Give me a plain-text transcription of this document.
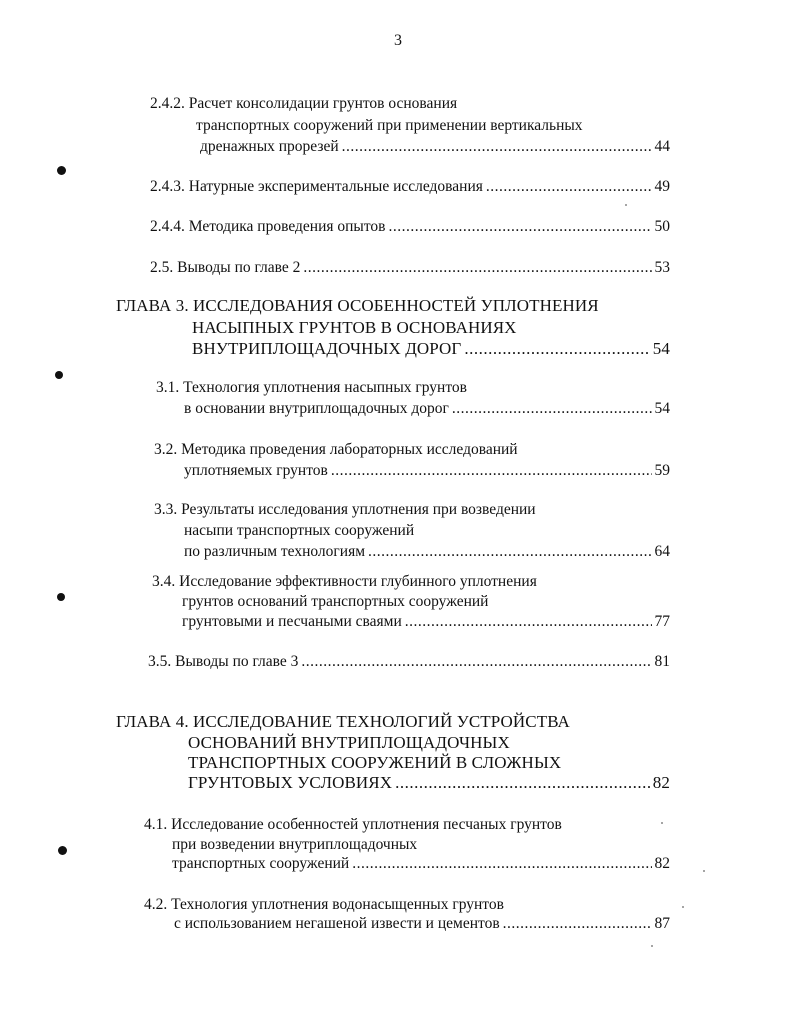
3
2.4.2. Расчет консолидации грунтов основания
транспортных сооружений при применении вертикальных
дренажных прорезей .....	44
2.4.3. Натурные экспериментальные исследования .....	49
2.4.4. Методика проведения опытов .....	50
2.5. Выводы по главе 2 .....	53
ГЛАВА 3. ИССЛЕДОВАНИЯ ОСОБЕННОСТЕЙ УПЛОТНЕНИЯ
НАСЫПНЫХ ГРУНТОВ В ОСНОВАНИЯХ
ВНУТРИПЛОЩАДОЧНЫХ ДОРОГ .....	54
3.1. Технология уплотнения насыпных грунтов
в основании внутриплощадочных дорог .....	54
3.2. Методика проведения лабораторных исследований
уплотняемых грунтов .....	59
3.3. Результаты исследования уплотнения при возведении
насыпи транспортных сооружений
по различным технологиям .....	64
3.4. Исследование эффективности глубинного уплотнения
грунтов оснований транспортных сооружений
грунтовыми и песчаными сваями .....	77
3.5. Выводы по главе 3 .....	81
ГЛАВА 4. ИССЛЕДОВАНИЕ ТЕХНОЛОГИЙ УСТРОЙСТВА
ОСНОВАНИЙ ВНУТРИПЛОЩАДОЧНЫХ
ТРАНСПОРТНЫХ СООРУЖЕНИЙ В СЛОЖНЫХ
ГРУНТОВЫХ УСЛОВИЯХ .....	82
4.1. Исследование особенностей уплотнения песчаных грунтов
при возведении внутриплощадочных
транспортных сооружений .....	82
4.2. Технология уплотнения водонасыщенных грунтов
с использованием негашеной извести и цементов .....	87
